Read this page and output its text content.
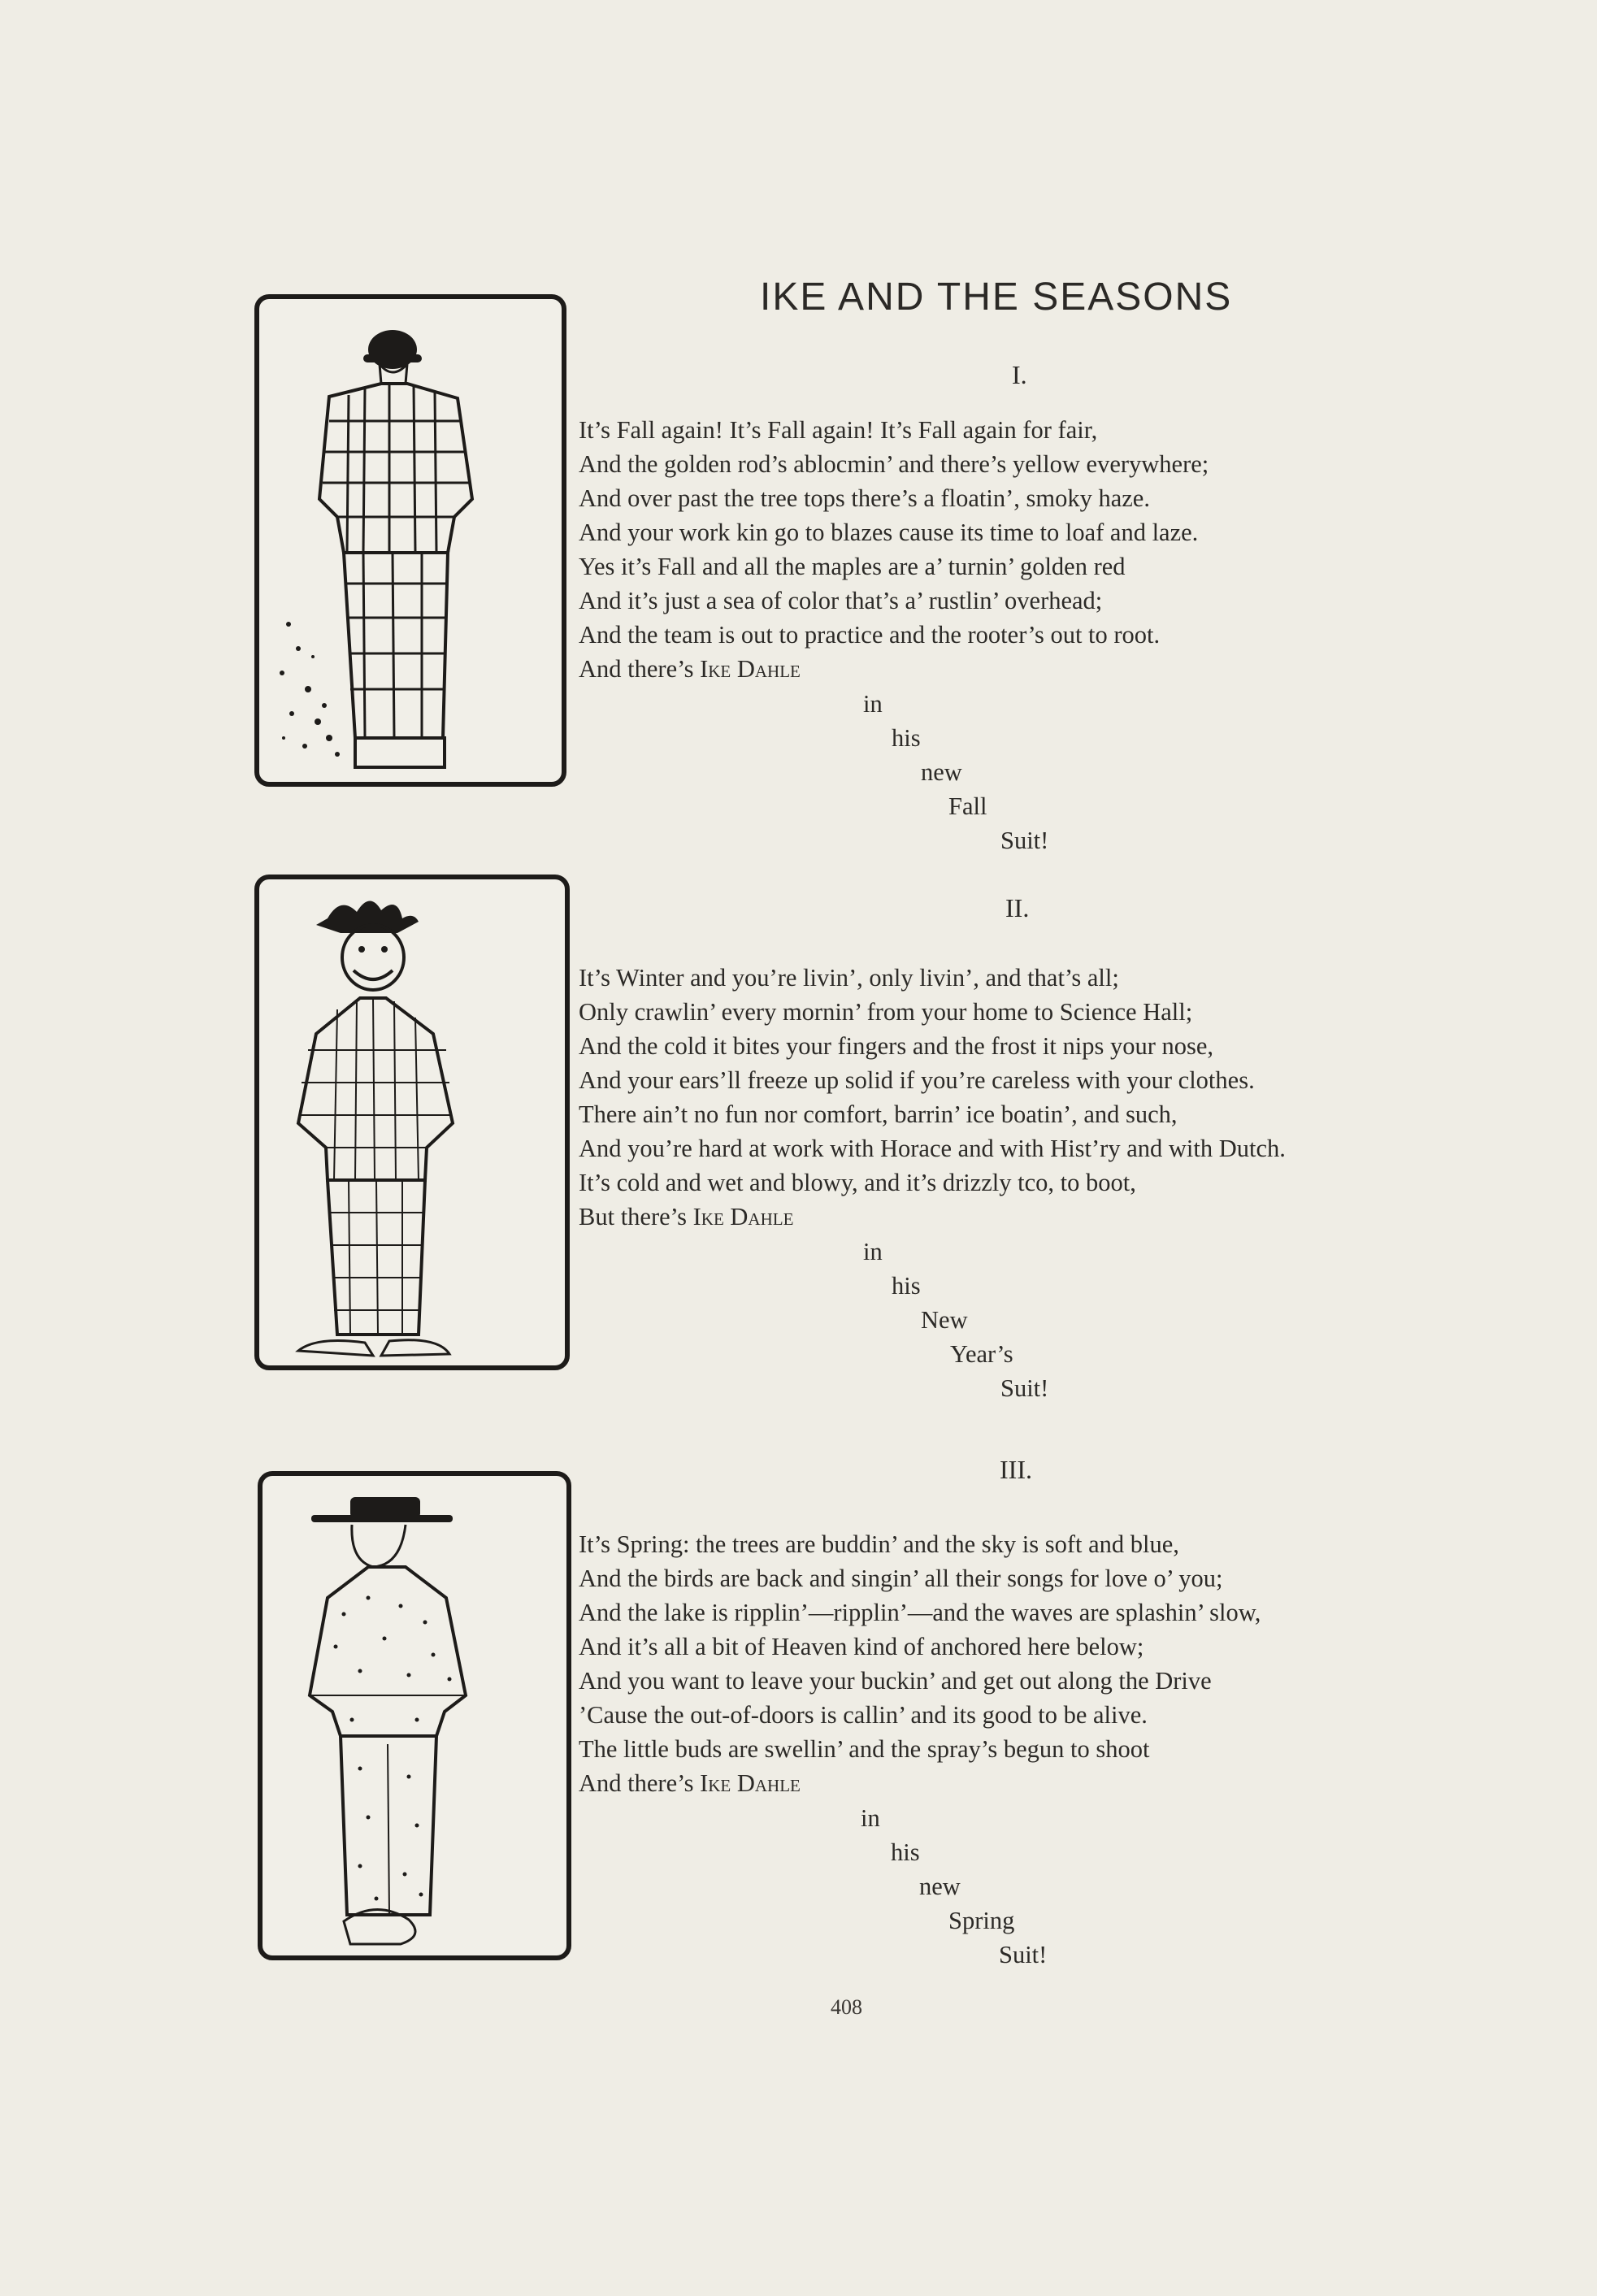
IKE AND THE SEASONS
I.
It’s Fall again! It’s Fall again! It’s Fall again for fair,
And the golden rod’s ablocmin’ and there’s yellow everywhere;
And over past the tree tops there’s a floatin’, smoky haze.
And your work kin go to blazes cause its time to loaf and laze.
Yes it’s Fall and all the maples are a’ turnin’ golden red
And it’s just a sea of color that’s a’ rustlin’ overhead;
And the team is out to practice and the rooter’s out to root.
And there’s Ike Dahle
in
his
new
Fall
Suit!
II.
It’s Winter and you’re livin’, only livin’, and that’s all;
Only crawlin’ every mornin’ from your home to Science Hall;
And the cold it bites your fingers and the frost it nips your nose,
And your ears’ll freeze up solid if you’re careless with your clothes.
There ain’t no fun nor comfort, barrin’ ice boatin’, and such,
And you’re hard at work with Horace and with Hist’ry and with Dutch.
It’s cold and wet and blowy, and it’s drizzly tco, to boot,
But there’s Ike Dahle
in
his
New
Year’s
Suit!
III.
It’s Spring: the trees are buddin’ and the sky is soft and blue,
And the birds are back and singin’ all their songs for love o’ you;
And the lake is ripplin’—ripplin’—and the waves are splashin’ slow,
And it’s all a bit of Heaven kind of anchored here below;
And you want to leave your buckin’ and get out along the Drive
’Cause the out-of-doors is callin’ and its good to be alive.
The little buds are swellin’ and the spray’s begun to shoot
And there’s Ike Dahle
in
his
new
Spring
Suit!
408
